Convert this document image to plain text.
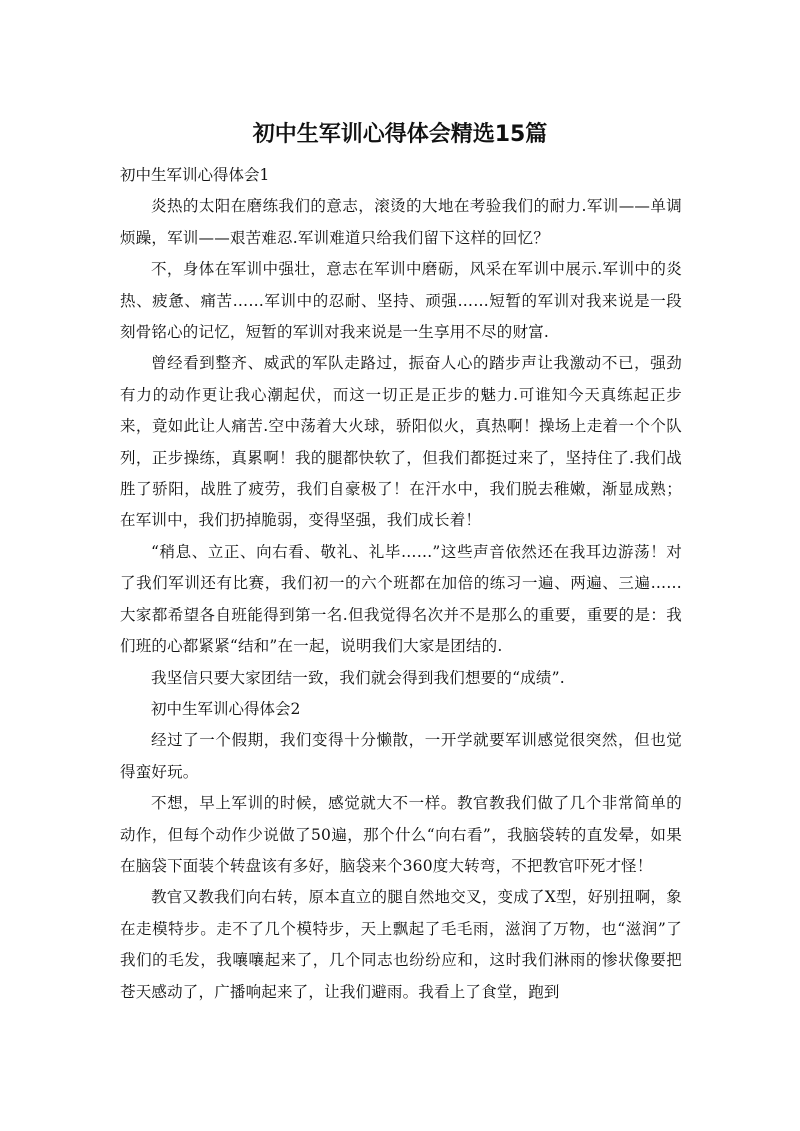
初中生军训心得体会精选15篇

初中生军训心得体会1

炎热的太阳在磨练我们的意志，滚烫的大地在考验我们的耐力.军训——单调烦躁，军训——艰苦难忍.军训难道只给我们留下这样的回忆？

不，身体在军训中强壮，意志在军训中磨砺，风采在军训中展示.军训中的炎热、疲惫、痛苦……军训中的忍耐、坚持、顽强……短暂的军训对我来说是一段刻骨铭心的记忆，短暂的军训对我来说是一生享用不尽的财富.

曾经看到整齐、威武的军队走路过，振奋人心的踏步声让我激动不已，强劲有力的动作更让我心潮起伏，而这一切正是正步的魅力.可谁知今天真练起正步来，竟如此让人痛苦.空中荡着大火球，骄阳似火，真热啊！操场上走着一个个队列，正步操练，真累啊！我的腿都快软了，但我们都挺过来了，坚持住了.我们战胜了骄阳，战胜了疲劳，我们自豪极了！在汗水中，我们脱去稚嫩，渐显成熟；在军训中，我们扔掉脆弱，变得坚强，我们成长着！

“稍息、立正、向右看、敬礼、礼毕……”这些声音依然还在我耳边游荡！对了我们军训还有比赛，我们初一的六个班都在加倍的练习一遍、两遍、三遍……大家都希望各自班能得到第一名.但我觉得名次并不是那么的重要，重要的是：我们班的心都紧紧“结和”在一起，说明我们大家是团结的.

我坚信只要大家团结一致，我们就会得到我们想要的“成绩”.

初中生军训心得体会2

经过了一个假期，我们变得十分懒散，一开学就要军训感觉很突然，但也觉得蛮好玩。

不想，早上军训的时候，感觉就大不一样。教官教我们做了几个非常简单的动作，但每个动作少说做了50遍，那个什么“向右看”，我脑袋转的直发晕，如果在脑袋下面装个转盘该有多好，脑袋来个360度大转弯，不把教官吓死才怪！

教官又教我们向右转，原本直立的腿自然地交叉，变成了X型，好别扭啊，象在走模特步。走不了几个模特步，天上飘起了毛毛雨，滋润了万物，也“滋润”了我们的毛发，我嚷嚷起来了，几个同志也纷纷应和，这时我们淋雨的惨状像要把苍天感动了，广播响起来了，让我们避雨。我看上了食堂，跑到
